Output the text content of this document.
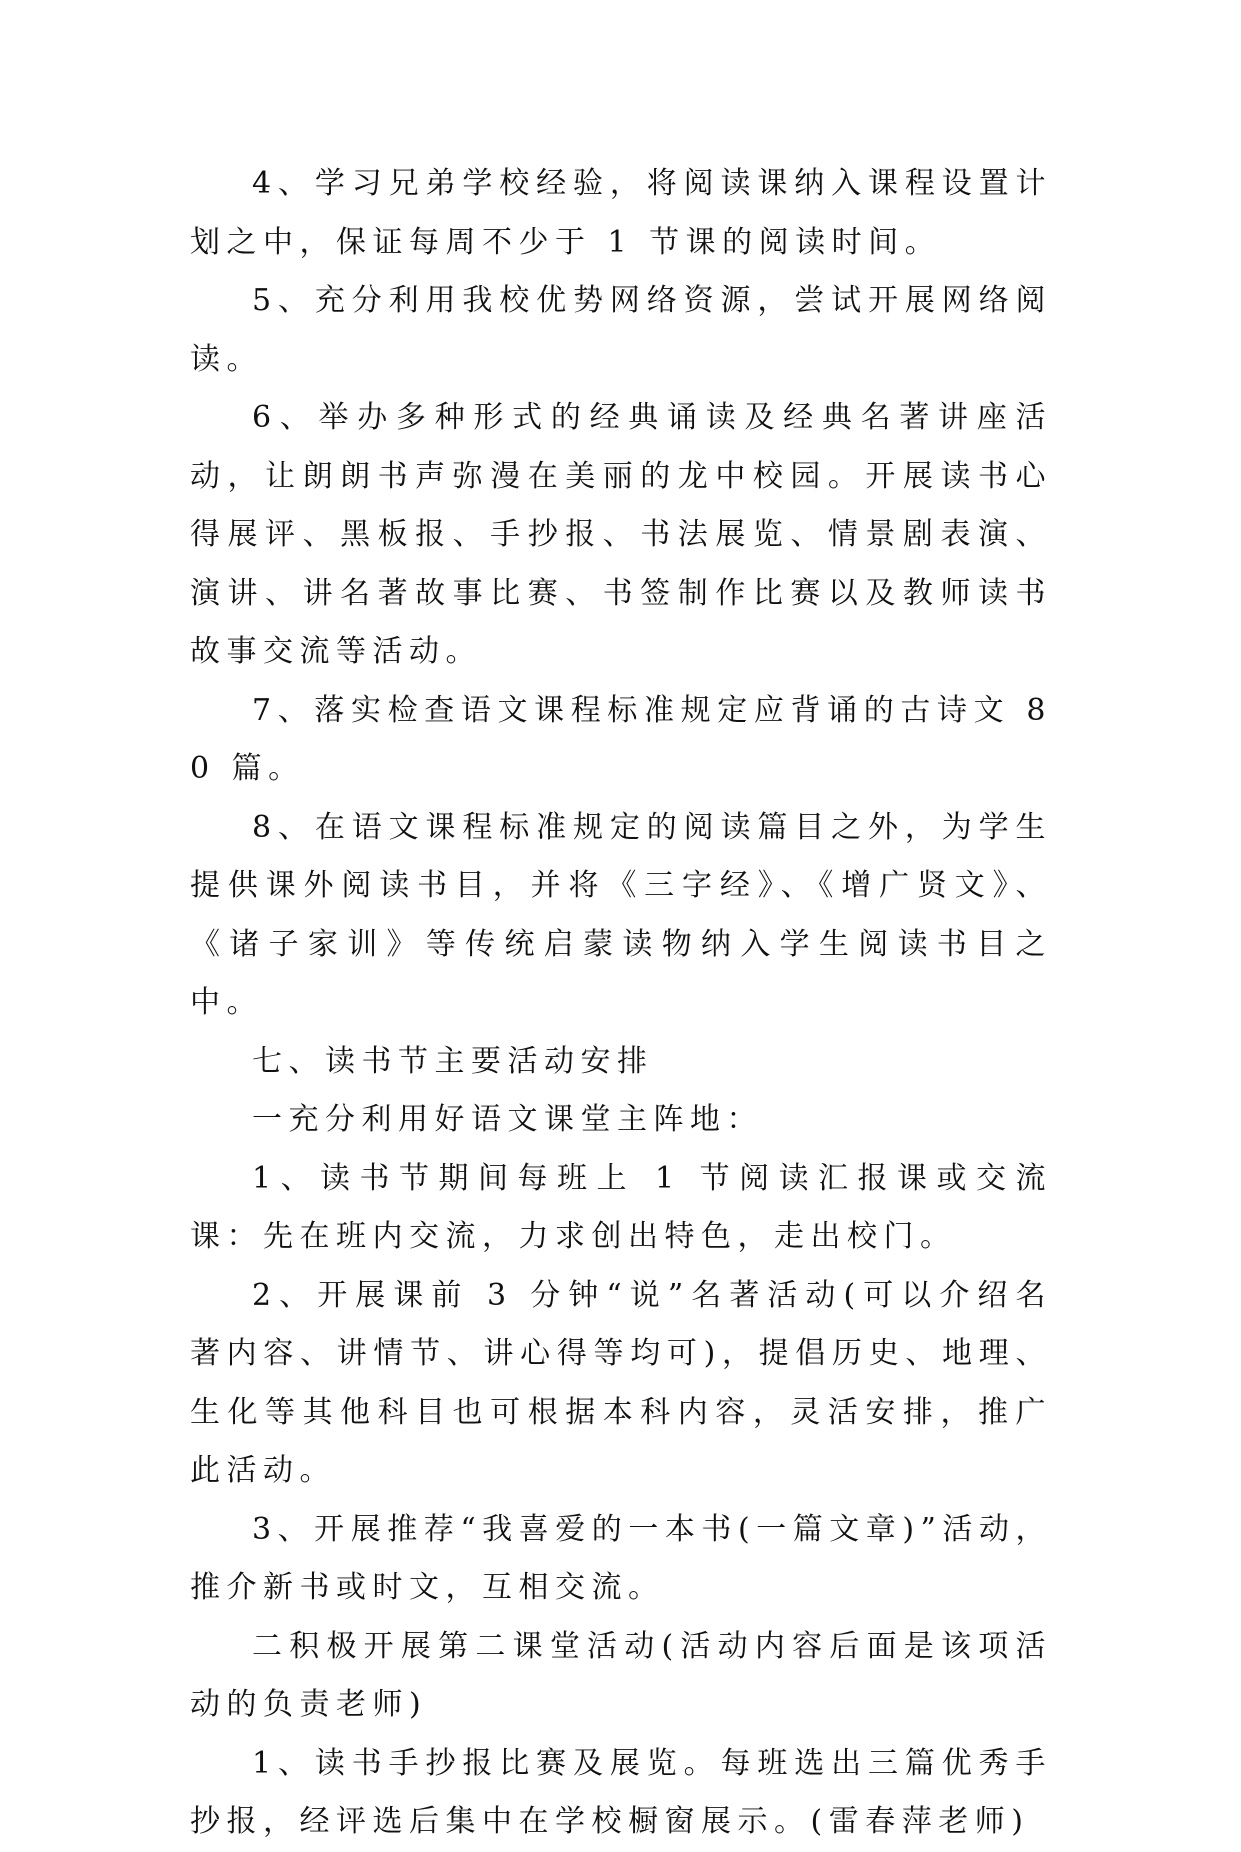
4、学习兄弟学校经验，将阅读课纳入课程设置计划之中，保证每周不少于 1 节课的阅读时间。

5、充分利用我校优势网络资源，尝试开展网络阅读。

6、举办多种形式的经典诵读及经典名著讲座活动，让朗朗书声弥漫在美丽的龙中校园。开展读书心得展评、黑板报、手抄报、书法展览、情景剧表演、演讲、讲名著故事比赛、书签制作比赛以及教师读书故事交流等活动。

7、落实检查语文课程标准规定应背诵的古诗文 80 篇。

8、在语文课程标准规定的阅读篇目之外，为学生提供课外阅读书目，并将《三字经》、《增广贤文》、《诸子家训》等传统启蒙读物纳入学生阅读书目之中。

七、读书节主要活动安排

一充分利用好语文课堂主阵地：

1、读书节期间每班上 1 节阅读汇报课或交流课：先在班内交流，力求创出特色，走出校门。

2、开展课前 3 分钟“说”名著活动(可以介绍名著内容、讲情节、讲心得等均可)，提倡历史、地理、生化等其他科目也可根据本科内容，灵活安排，推广此活动。

3、开展推荐“我喜爱的一本书(一篇文章)”活动，推介新书或时文，互相交流。

二积极开展第二课堂活动(活动内容后面是该项活动的负责老师)

1、读书手抄报比赛及展览。每班选出三篇优秀手抄报，经评选后集中在学校橱窗展示。(雷春萍老师)
